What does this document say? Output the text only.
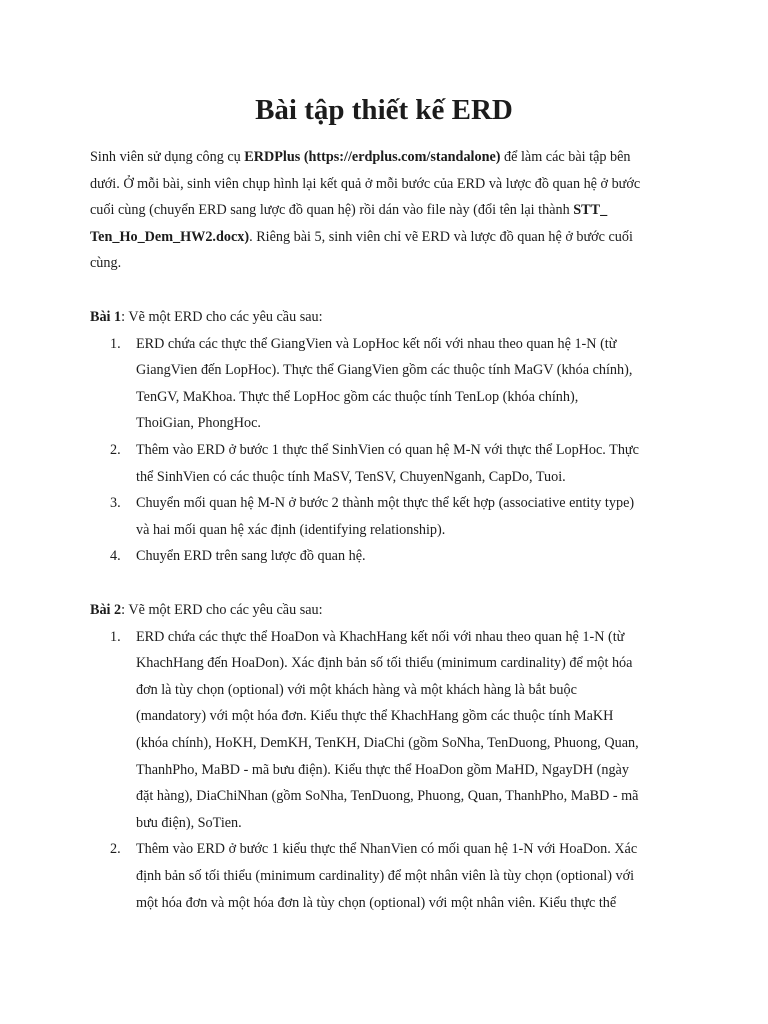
Bài tập thiết kế ERD
Sinh viên sử dụng công cụ ERDPlus (https://erdplus.com/standalone) để làm các bài tập bên
dưới. Ở mỗi bài, sinh viên chụp hình lại kết quả ở mỗi bước của ERD và lược đồ quan hệ ở bước
cuối cùng (chuyển ERD sang lược đồ quan hệ) rồi dán vào file này (đổi tên lại thành STT_
Ten_Ho_Dem_HW2.docx). Riêng bài 5, sinh viên chỉ vẽ ERD và lược đồ quan hệ ở bước cuối
cùng.
Bài 1: Vẽ một ERD cho các yêu cầu sau:
1. ERD chứa các thực thể GiangVien và LopHoc kết nối với nhau theo quan hệ 1-N (từ
GiangVien đến LopHoc). Thực thể GiangVien gồm các thuộc tính MaGV (khóa chính),
TenGV, MaKhoa. Thực thể LopHoc gồm các thuộc tính TenLop (khóa chính),
ThoiGian, PhongHoc.
2. Thêm vào ERD ở bước 1 thực thể SinhVien có quan hệ M-N với thực thể LopHoc. Thực
thể SinhVien có các thuộc tính MaSV, TenSV, ChuyenNganh, CapDo, Tuoi.
3. Chuyển mối quan hệ M-N ở bước 2 thành một thực thể kết hợp (associative entity type)
và hai mối quan hệ xác định (identifying relationship).
4. Chuyển ERD trên sang lược đồ quan hệ.
Bài 2: Vẽ một ERD cho các yêu cầu sau:
1. ERD chứa các thực thể HoaDon và KhachHang kết nối với nhau theo quan hệ 1-N (từ
KhachHang đến HoaDon). Xác định bản số tối thiểu (minimum cardinality) để một hóa
đơn là tùy chọn (optional) với một khách hàng và một khách hàng là bắt buộc
(mandatory) với một hóa đơn. Kiểu thực thể KhachHang gồm các thuộc tính MaKH
(khóa chính), HoKH, DemKH, TenKH, DiaChi (gồm SoNha, TenDuong, Phuong, Quan,
ThanhPho, MaBD - mã bưu điện). Kiểu thực thể HoaDon gồm MaHD, NgayDH (ngày
đặt hàng), DiaChiNhan (gồm SoNha, TenDuong, Phuong, Quan, ThanhPho, MaBD - mã
bưu điện), SoTien.
2. Thêm vào ERD ở bước 1 kiểu thực thể NhanVien có mối quan hệ 1-N với HoaDon. Xác
định bản số tối thiểu (minimum cardinality) để một nhân viên là tùy chọn (optional) với
một hóa đơn và một hóa đơn là tùy chọn (optional) với một nhân viên. Kiểu thực thể
